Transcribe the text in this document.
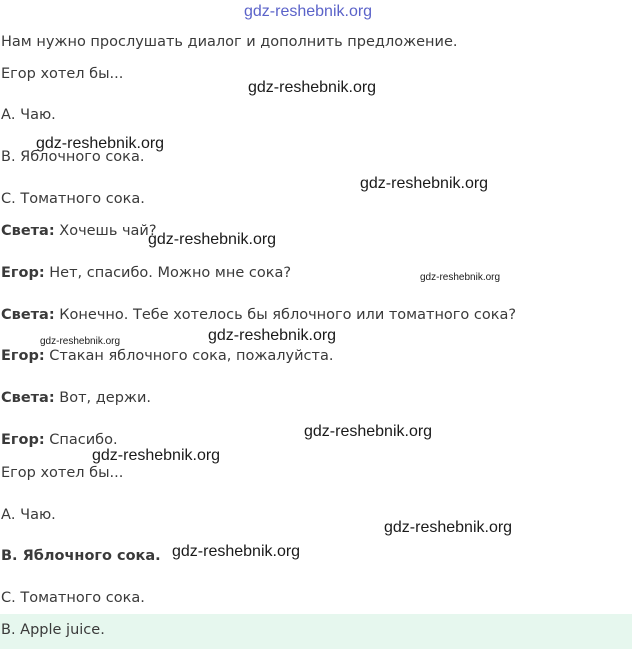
gdz-reshebnik.org
Нам нужно прослушать диалог и дополнить предложение.
Егор хотел бы...
А. Чаю.
В. Яблочного сока.
С. Томатного сока.
Света: Хочешь чай?
Егор: Нет, спасибо. Можно мне сока?
Света: Конечно. Тебе хотелось бы яблочного или томатного сока?
Егор: Стакан яблочного сока, пожалуйста.
Света: Вот, держи.
Егор: Спасибо.
Егор хотел бы...
А. Чаю.
В. Яблочного сока.
С. Томатного сока.
B. Apple juice.
gdz-reshebnik.org
gdz-reshebnik.org
gdz-reshebnik.org
gdz-reshebnik.org
gdz-reshebnik.org
gdz-reshebnik.org
gdz-reshebnik.org
gdz-reshebnik.org
gdz-reshebnik.org
gdz-reshebnik.org
gdz-reshebnik.org
